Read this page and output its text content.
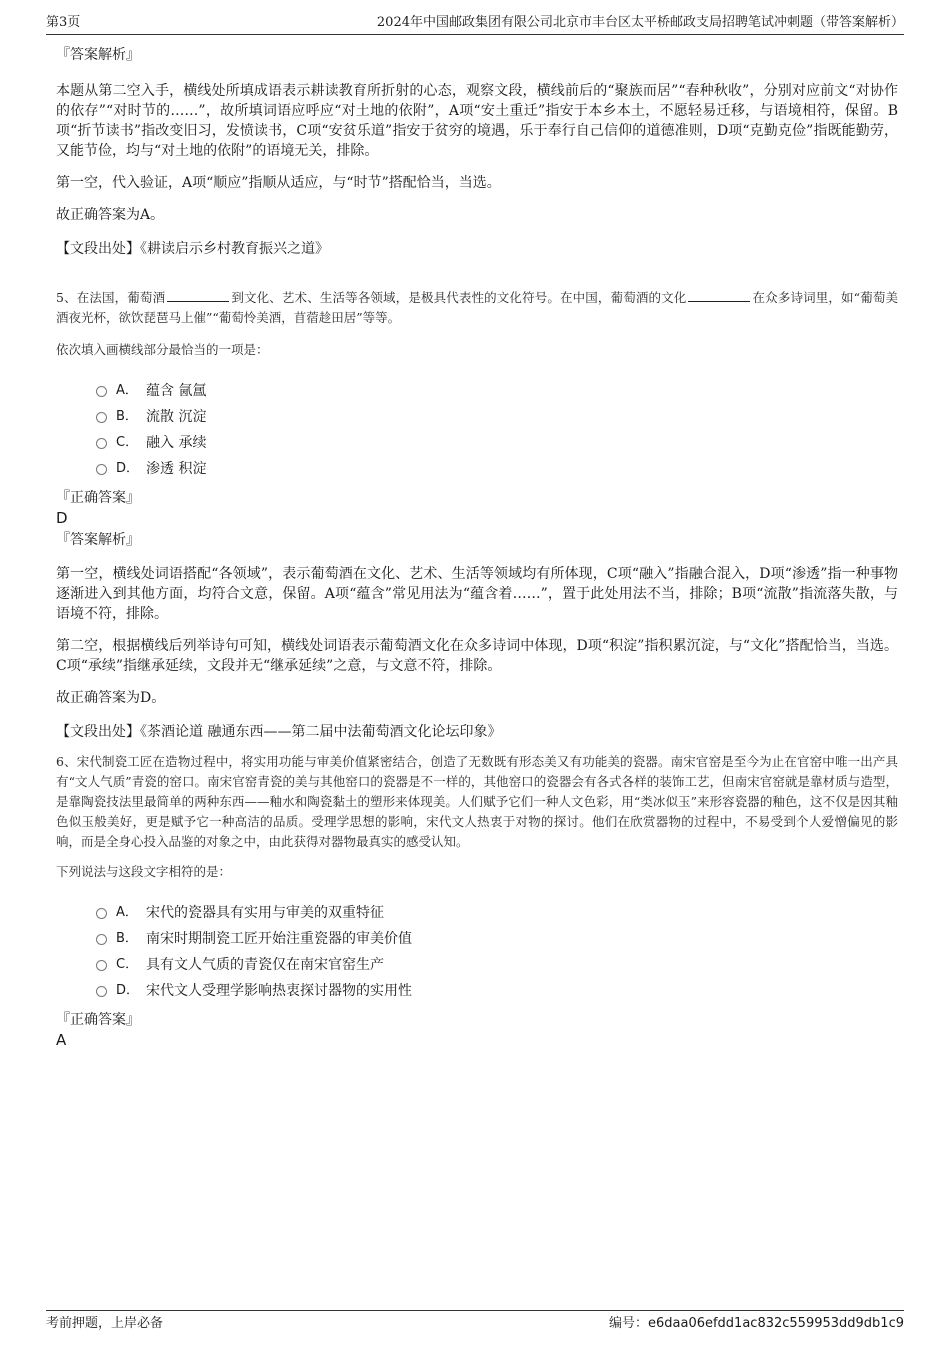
第3页	2024年中国邮政集团有限公司北京市丰台区太平桥邮政支局招聘笔试冲刺题（带答案解析）

『答案解析』

本题从第二空入手，横线处所填成语表示耕读教育所折射的心态，观察文段，横线前后的“聚族而居”“春种秋收”，分别对应前文“对协作的依存”“对时节的……”，故所填词语应呼应“对土地的依附”，A项“安土重迁”指安于本乡本土，不愿轻易迁移，与语境相符，保留。B项“折节读书”指改变旧习，发愤读书，C项“安贫乐道”指安于贫穷的境遇，乐于奉行自己信仰的道德准则，D项“克勤克俭”指既能勤劳，又能节俭，均与“对土地的依附”的语境无关，排除。

第一空，代入验证，A项“顺应”指顺从适应，与“时节”搭配恰当，当选。

故正确答案为A。

【文段出处】《耕读启示乡村教育振兴之道》

5、在法国，葡萄酒	到文化、艺术、生活等各领域，是极具代表性的文化符号。在中国，葡萄酒的文化	在众多诗词里，如“葡萄美酒夜光杯，欲饮琵琶马上催”“葡萄怜美酒，苜蓿趁田居”等等。

依次填入画横线部分最恰当的一项是：

A． 蕴含 氤氲
B． 流散 沉淀
C． 融入 承续
D． 渗透 积淀

『正确答案』

D

『答案解析』

第一空，横线处词语搭配“各领域”，表示葡萄酒在文化、艺术、生活等领域均有所体现，C项“融入”指融合混入，D项“渗透”指一种事物逐渐进入到其他方面，均符合文意，保留。A项“蕴含”常见用法为“蕴含着……”，置于此处用法不当，排除；B项“流散”指流落失散，与语境不符，排除。

第二空，根据横线后列举诗句可知，横线处词语表示葡萄酒文化在众多诗词中体现，D项“积淀”指积累沉淀，与“文化”搭配恰当，当选。C项“承续”指继承延续，文段并无“继承延续”之意，与文意不符，排除。

故正确答案为D。

【文段出处】《茶酒论道 融通东西——第二届中法葡萄酒文化论坛印象》

6、宋代制瓷工匠在造物过程中，将实用功能与审美价值紧密结合，创造了无数既有形态美又有功能美的瓷器。南宋官窑是至今为止在官窑中唯一出产具有“文人气质”青瓷的窑口。南宋官窑青瓷的美与其他窑口的瓷器是不一样的，其他窑口的瓷器会有各式各样的装饰工艺，但南宋官窑就是靠材质与造型，是靠陶瓷技法里最简单的两种东西——釉水和陶瓷黏土的塑形来体现美。人们赋予它们一种人文色彩，用“类冰似玉”来形容瓷器的釉色，这不仅是因其釉色似玉般美好，更是赋予它一种高洁的品质。受理学思想的影响，宋代文人热衷于对物的探讨。他们在欣赏器物的过程中，不易受到个人爱憎偏见的影响，而是全身心投入品鉴的对象之中，由此获得对器物最真实的感受认知。

下列说法与这段文字相符的是：

A． 宋代的瓷器具有实用与审美的双重特征
B． 南宋时期制瓷工匠开始注重瓷器的审美价值
C． 具有文人气质的青瓷仅在南宋官窑生产
D． 宋代文人受理学影响热衷探讨器物的实用性

『正确答案』

A

考前押题，上岸必备	编号：e6daa06efdd1ac832c559953dd9db1c9
